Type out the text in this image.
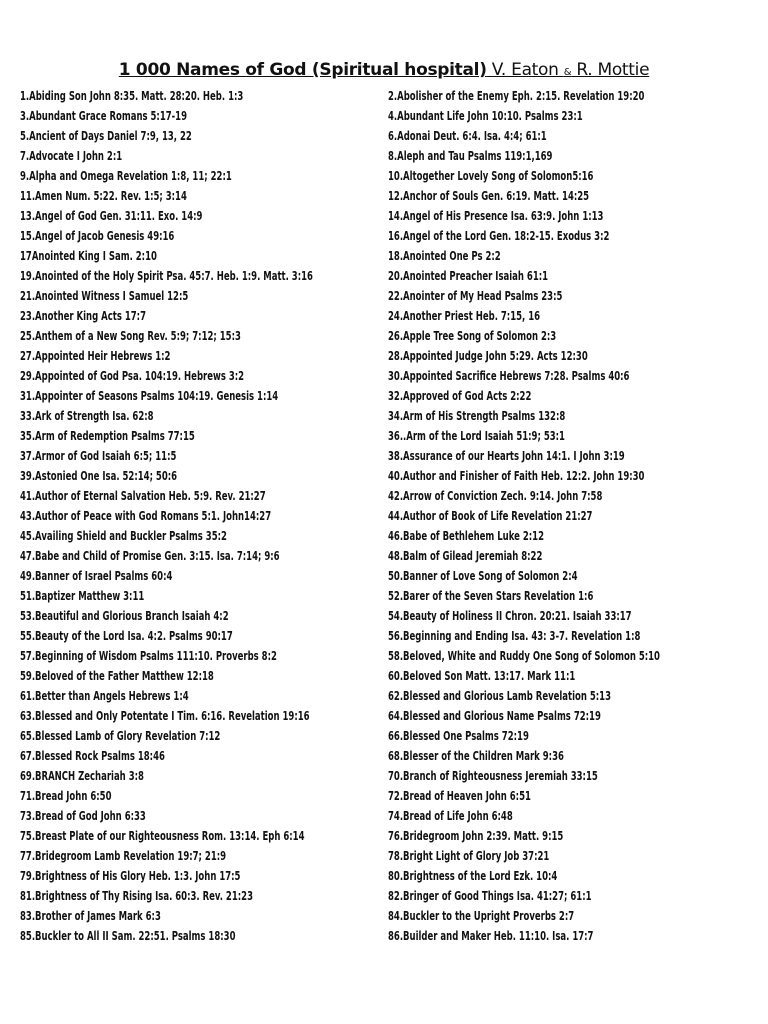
1 000 Names of God (Spiritual hospital) V. Eaton & R. Mottie
1.Abiding Son John 8:35. Matt. 28:20. Heb. 1:3
3.Abundant Grace Romans 5:17-19
5.Ancient of Days Daniel 7:9, 13, 22
7.Advocate I John 2:1
9.Alpha and Omega Revelation 1:8, 11; 22:1
11.Amen Num. 5:22. Rev. 1:5; 3:14
13.Angel of God Gen. 31:11. Exo. 14:9
15.Angel of Jacob Genesis 49:16
17Anointed King I Sam. 2:10
19.Anointed of the Holy Spirit Psa. 45:7. Heb. 1:9. Matt. 3:16
21.Anointed Witness I Samuel 12:5
23.Another King Acts 17:7
25.Anthem of a New Song Rev. 5:9; 7:12; 15:3
27.Appointed Heir Hebrews 1:2
29.Appointed of God Psa. 104:19. Hebrews 3:2
31.Appointer of Seasons Psalms 104:19. Genesis 1:14
33.Ark of Strength Isa. 62:8
35.Arm of Redemption Psalms 77:15
37.Armor of God Isaiah 6:5; 11:5
39.Astonied One Isa. 52:14; 50:6
41.Author of Eternal Salvation Heb. 5:9. Rev. 21:27
43.Author of Peace with God Romans 5:1. John14:27
45.Availing Shield and Buckler Psalms 35:2
47.Babe and Child of Promise Gen. 3:15. Isa. 7:14; 9:6
49.Banner of Israel Psalms 60:4
51.Baptizer Matthew 3:11
53.Beautiful and Glorious Branch Isaiah 4:2
55.Beauty of the Lord Isa. 4:2. Psalms 90:17
57.Beginning of Wisdom Psalms 111:10. Proverbs 8:2
59.Beloved of the Father Matthew 12:18
61.Better than Angels Hebrews 1:4
63.Blessed and Only Potentate I Tim. 6:16. Revelation 19:16
65.Blessed Lamb of Glory Revelation 7:12
67.Blessed Rock Psalms 18:46
69.BRANCH Zechariah 3:8
71.Bread John 6:50
73.Bread of God John 6:33
75.Breast Plate of our Righteousness Rom. 13:14. Eph 6:14
77.Bridegroom Lamb Revelation 19:7; 21:9
79.Brightness of His Glory Heb. 1:3. John 17:5
81.Brightness of Thy Rising Isa. 60:3. Rev. 21:23
83.Brother of James Mark 6:3
85.Buckler to All II Sam. 22:51. Psalms 18:30
2.Abolisher of the Enemy Eph. 2:15. Revelation 19:20
4.Abundant Life John 10:10. Psalms 23:1
6.Adonai Deut. 6:4. Isa. 4:4; 61:1
8.Aleph and Tau Psalms 119:1,169
10.Altogether Lovely Song of Solomon5:16
12.Anchor of Souls Gen. 6:19. Matt. 14:25
14.Angel of His Presence Isa. 63:9. John 1:13
16.Angel of the Lord Gen. 18:2-15. Exodus 3:2
18.Anointed One Ps 2:2
20.Anointed Preacher Isaiah 61:1
22.Anointer of My Head Psalms 23:5
24.Another Priest Heb. 7:15, 16
26.Apple Tree Song of Solomon 2:3
28.Appointed Judge John 5:29. Acts 12:30
30.Appointed Sacrifice Hebrews 7:28. Psalms 40:6
32.Approved of God Acts 2:22
34.Arm of His Strength Psalms 132:8
36..Arm of the Lord Isaiah 51:9; 53:1
38.Assurance of our Hearts John 14:1. I John 3:19
40.Author and Finisher of Faith Heb. 12:2. John 19:30
42.Arrow of Conviction Zech. 9:14. John 7:58
44.Author of Book of Life Revelation 21:27
46.Babe of Bethlehem Luke 2:12
48.Balm of Gilead Jeremiah 8:22
50.Banner of Love Song of Solomon 2:4
52.Barer of the Seven Stars Revelation 1:6
54.Beauty of Holiness II Chron. 20:21. Isaiah 33:17
56.Beginning and Ending Isa. 43: 3-7. Revelation 1:8
58.Beloved, White and Ruddy One Song of Solomon 5:10
60.Beloved Son Matt. 13:17. Mark 11:1
62.Blessed and Glorious Lamb Revelation 5:13
64.Blessed and Glorious Name Psalms 72:19
66.Blessed One Psalms 72:19
68.Blesser of the Children Mark 9:36
70.Branch of Righteousness Jeremiah 33:15
72.Bread of Heaven John 6:51
74.Bread of Life John 6:48
76.Bridegroom John 2:39. Matt. 9:15
78.Bright Light of Glory Job 37:21
80.Brightness of the Lord Ezk. 10:4
82.Bringer of Good Things Isa. 41:27; 61:1
84.Buckler to the Upright Proverbs 2:7
86.Builder and Maker Heb. 11:10. Isa. 17:7
